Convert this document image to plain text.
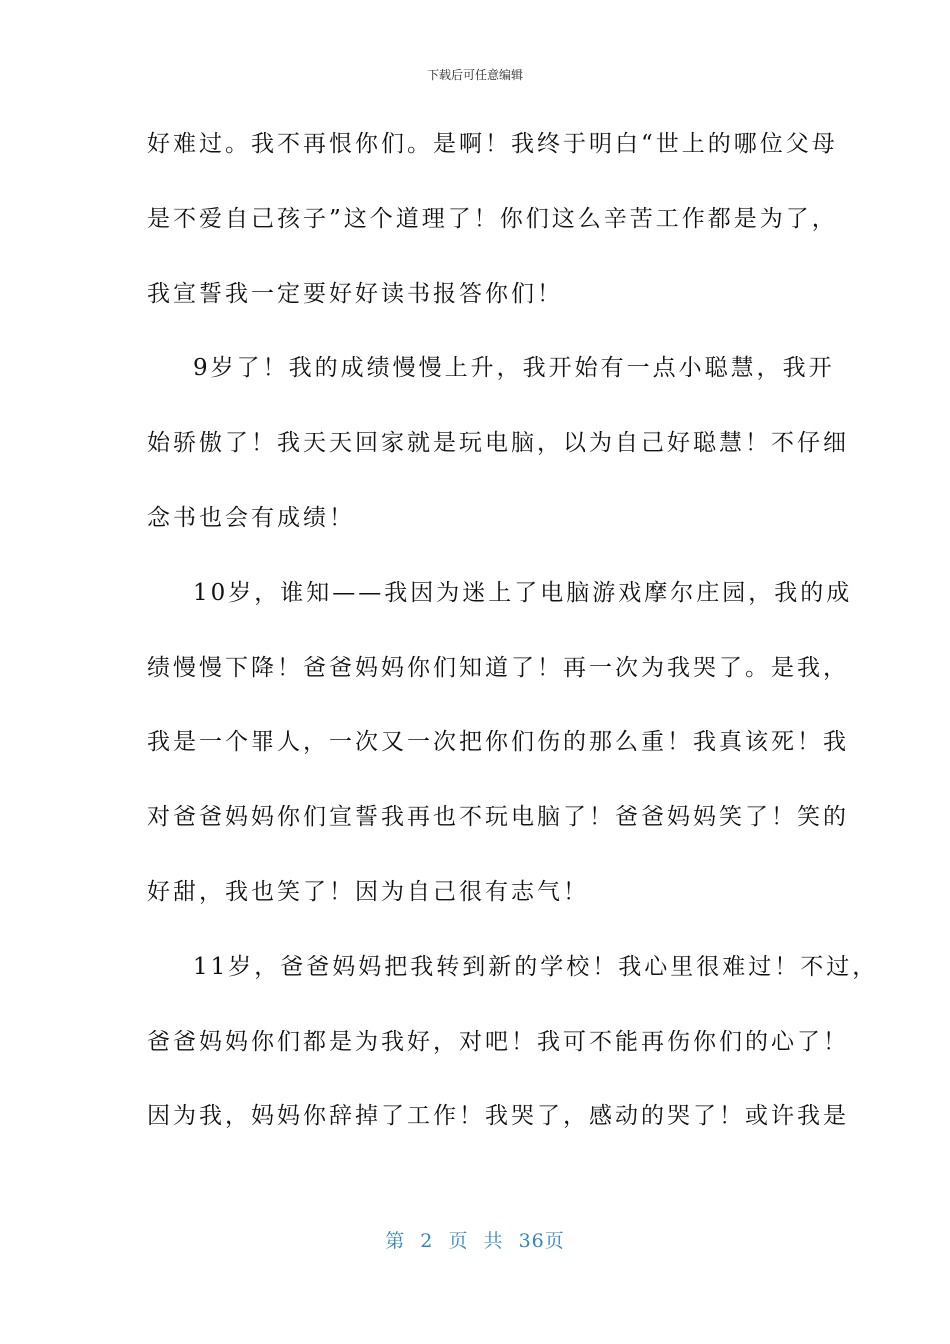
下载后可任意编辑
好难过。我不再恨你们。是啊！我终于明白“世上的哪位父母
是不爱自己孩子”这个道理了！你们这么辛苦工作都是为了，
我宣誓我一定要好好读书报答你们！
9岁了！我的成绩慢慢上升，我开始有一点小聪慧，我开
始骄傲了！我天天回家就是玩电脑，以为自己好聪慧！不仔细
念书也会有成绩！
10岁，谁知——我因为迷上了电脑游戏摩尔庄园，我的成
绩慢慢下降！爸爸妈妈你们知道了！再一次为我哭了。是我，
我是一个罪人，一次又一次把你们伤的那么重！我真该死！我
对爸爸妈妈你们宣誓我再也不玩电脑了！爸爸妈妈笑了！笑的
好甜，我也笑了！因为自己很有志气！
11岁，爸爸妈妈把我转到新的学校！我心里很难过！不过，
爸爸妈妈你们都是为我好，对吧！我可不能再伤你们的心了！
因为我，妈妈你辞掉了工作！我哭了，感动的哭了！或许我是
第 2 页 共 36页
